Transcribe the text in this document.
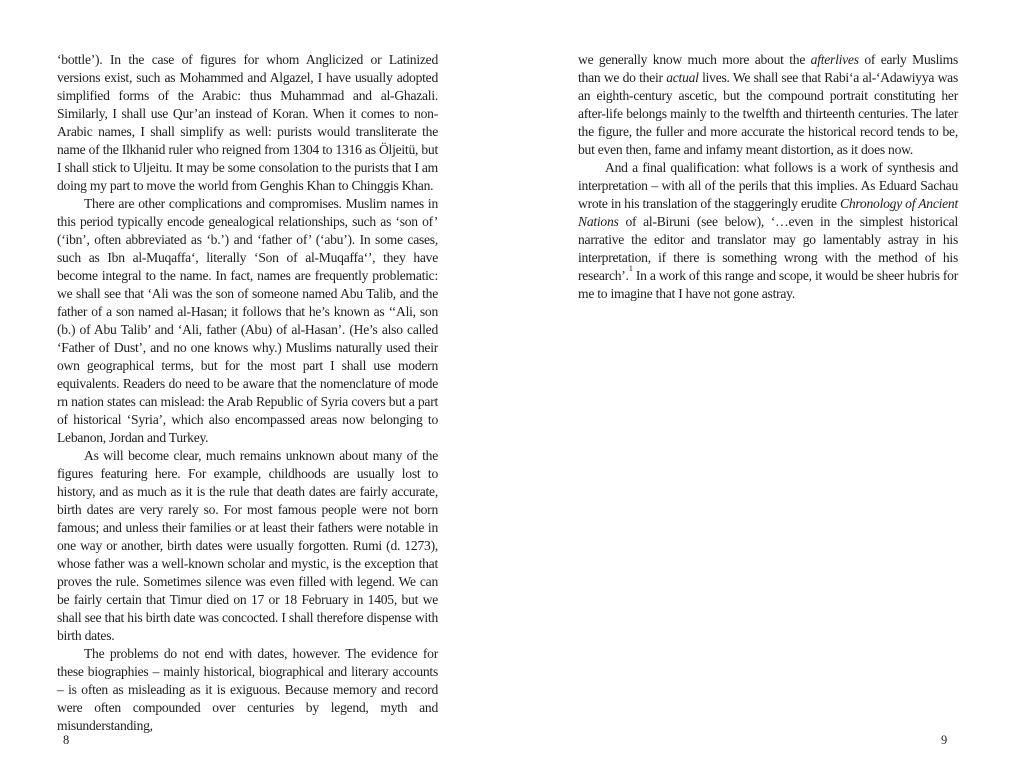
‘bottle’). In the case of figures for whom Anglicized or Latinized versions exist, such as Mohammed and Algazel, I have usually adopted simplified forms of the Arabic: thus Muhammad and al-Ghazali. Similarly, I shall use Qur’an instead of Koran. When it comes to non-Arabic names, I shall simplify as well: purists would transliterate the name of the Ilkhanid ruler who reigned from 1304 to 1316 as Öljeitü, but I shall stick to Uljeitu. It may be some consolation to the purists that I am doing my part to move the world from Genghis Khan to Chinggis Khan.

There are other complications and compromises. Muslim names in this period typically encode genealogical relationships, such as ‘son of’ (‘ibn’, often abbreviated as ‘b.’) and ‘father of’ (‘abu’). In some cases, such as Ibn al-Muqaffa‘, literally ‘Son of al-Muqaffa‘’, they have become integral to the name. In fact, names are frequently problematic: we shall see that ‘Ali was the son of someone named Abu Talib, and the father of a son named al-Hasan; it follows that he’s known as ‘‘Ali, son (b.) of Abu Talib’ and ‘Ali, father (Abu) of al-Hasan’. (He’s also called ‘Father of Dust’, and no one knows why.) Muslims naturally used their own geographical terms, but for the most part I shall use modern equivalents. Readers do need to be aware that the nomenclature of mode rn nation states can mislead: the Arab Republic of Syria covers but a part of historical ‘Syria’, which also encompassed areas now belonging to Lebanon, Jordan and Turkey.

As will become clear, much remains unknown about many of the figures featuring here. For example, childhoods are usually lost to history, and as much as it is the rule that death dates are fairly accurate, birth dates are very rarely so. For most famous people were not born famous; and unless their families or at least their fathers were notable in one way or another, birth dates were usually forgotten. Rumi (d. 1273), whose father was a well-known scholar and mystic, is the exception that proves the rule. Sometimes silence was even filled with legend. We can be fairly certain that Timur died on 17 or 18 February in 1405, but we shall see that his birth date was concocted. I shall therefore dispense with birth dates.

The problems do not end with dates, however. The evidence for these biographies – mainly historical, biographical and literary accounts – is often as misleading as it is exiguous. Because memory and record were often compounded over centuries by legend, myth and misunderstanding,

we generally know much more about the afterlives of early Muslims than we do their actual lives. We shall see that Rabi‘a al-‘Adawiyya was an eighth-century ascetic, but the compound portrait constituting her after-life belongs mainly to the twelfth and thirteenth centuries. The later the figure, the fuller and more accurate the historical record tends to be, but even then, fame and infamy meant distortion, as it does now.

And a final qualification: what follows is a work of synthesis and interpretation – with all of the perils that this implies. As Eduard Sachau wrote in his translation of the staggeringly erudite Chronology of Ancient Nations of al-Biruni (see below), ‘…even in the simplest historical narrative the editor and translator may go lamentably astray in his interpretation, if there is something wrong with the method of his research’.$^1$ In a work of this range and scope, it would be sheer hubris for me to imagine that I have not gone astray.

8	9
